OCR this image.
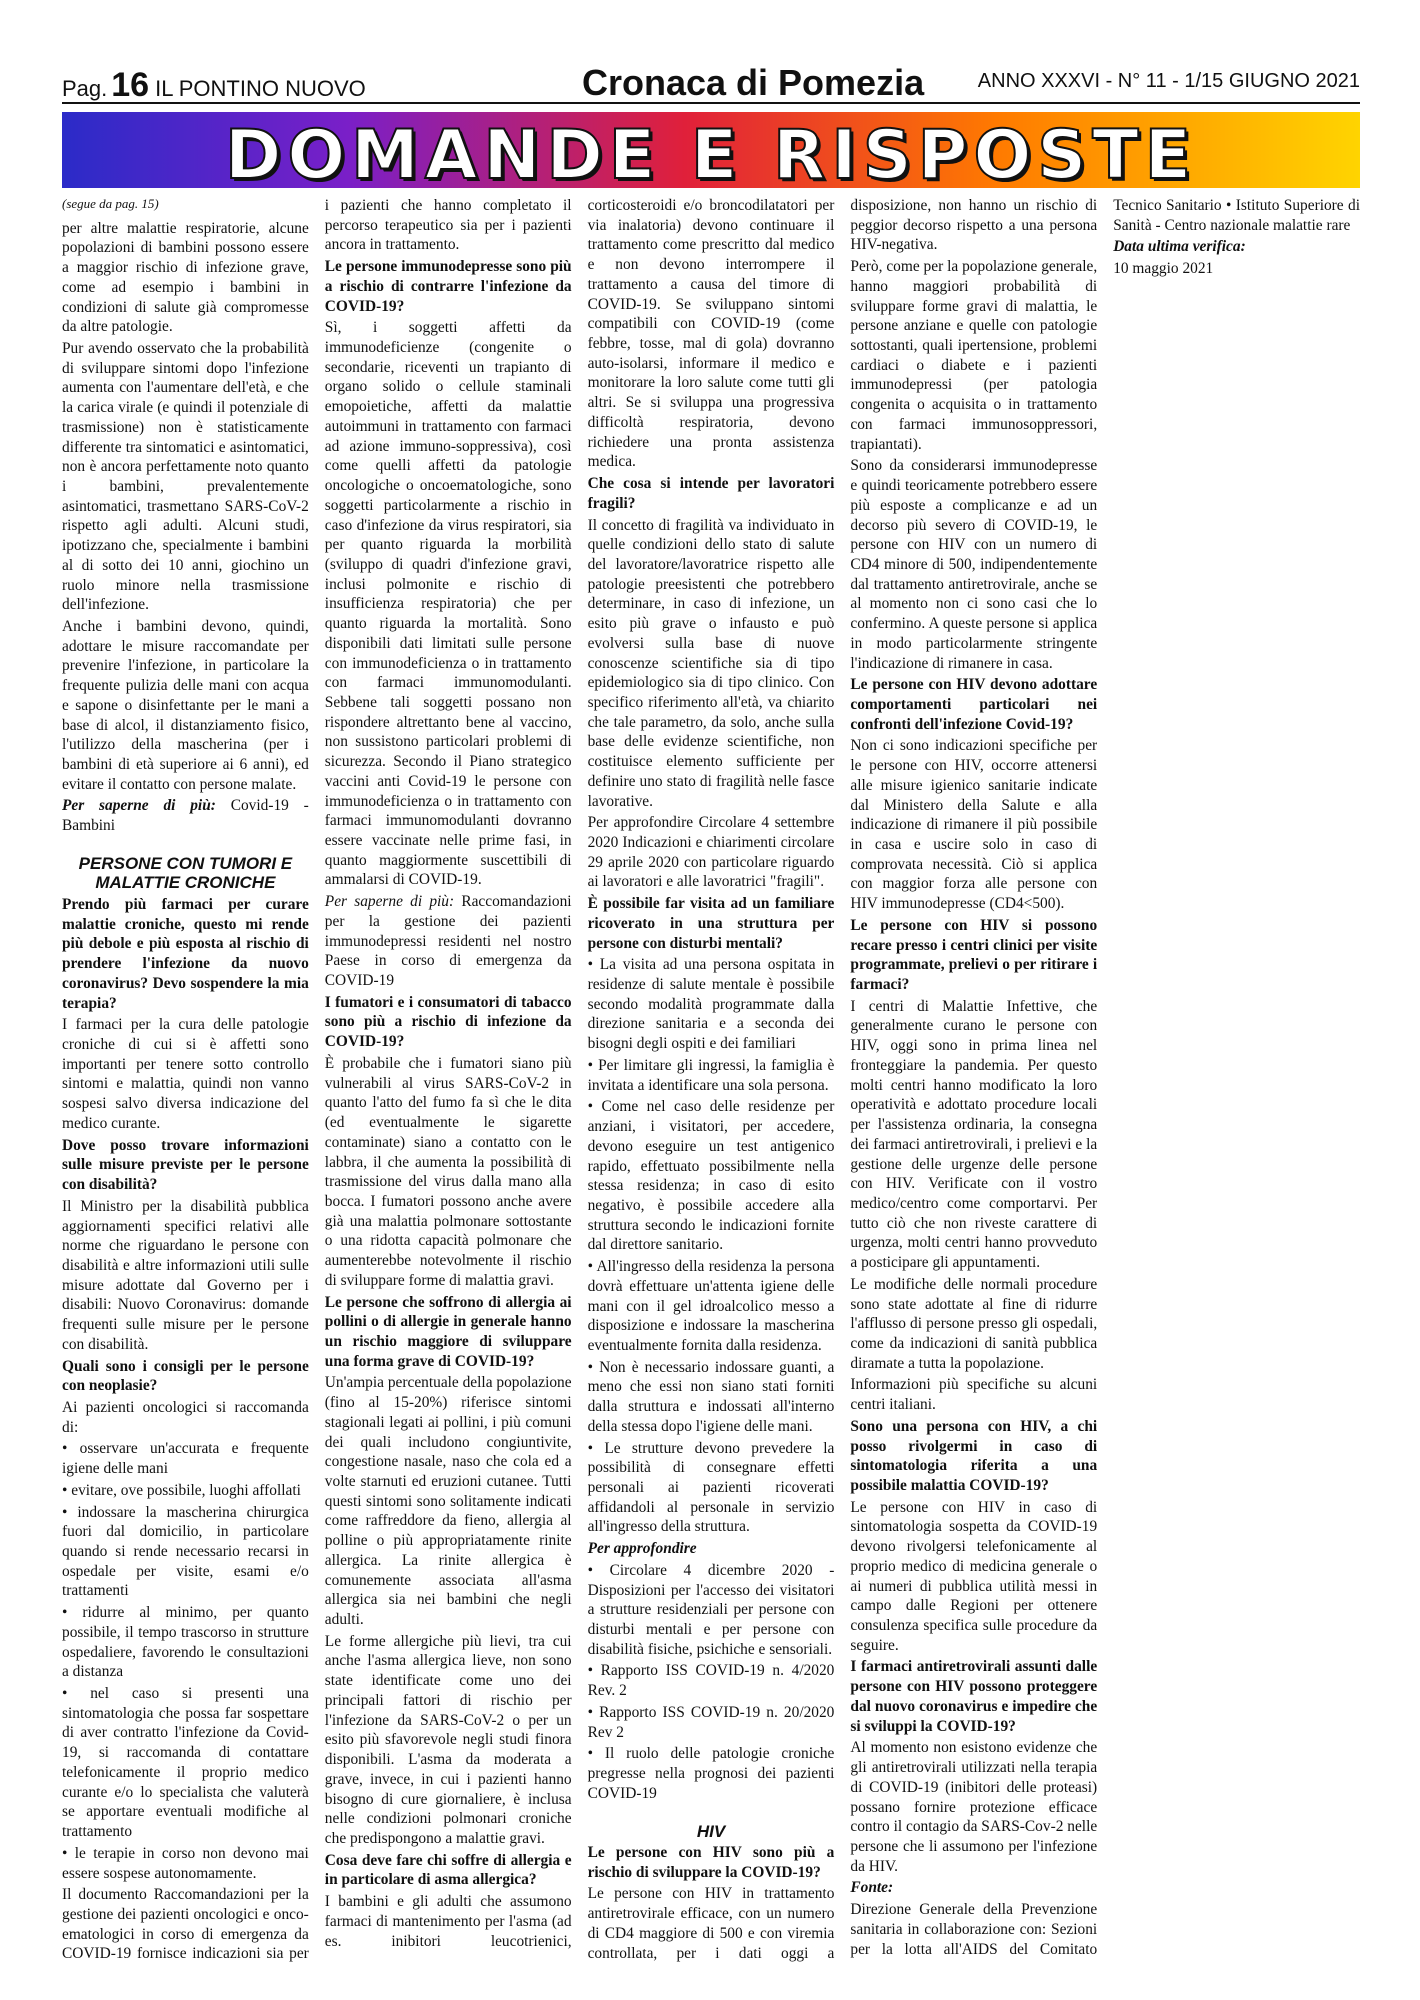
Pag. 16 IL PONTINO NUOVO	Cronaca di Pomezia	ANNO XXXVI - N° 11 - 1/15 GIUGNO 2021
DOMANDE E RISPOSTE

(segue da pag. 15)

per altre malattie respiratorie, alcune popolazioni di bambini possono essere a maggior rischio di infezione grave, come ad esempio i bambini in condizioni di salute già compromesse da altre patologie.

Pur avendo osservato che la probabilità di sviluppare sintomi dopo l'infezione aumenta con l'aumentare dell'età, e che la carica virale (e quindi il potenziale di trasmissione) non è statisticamente differente tra sintomatici e asintomatici, non è ancora perfettamente noto quanto i bambini, prevalentemente asintomatici, trasmettano SARS-CoV-2 rispetto agli adulti. Alcuni studi, ipotizzano che, specialmente i bambini al di sotto dei 10 anni, giochino un ruolo minore nella trasmissione dell'infezione.

Anche i bambini devono, quindi, adottare le misure raccomandate per prevenire l'infezione, in particolare la frequente pulizia delle mani con acqua e sapone o disinfettante per le mani a base di alcol, il distanziamento fisico, l'utilizzo della mascherina (per i bambini di età superiore ai 6 anni), ed evitare il contatto con persone malate.

Per saperne di più: Covid-19 - Bambini

PERSONE CON TUMORI E MALATTIE CRONICHE

Prendo più farmaci per curare malattie croniche, questo mi rende più debole e più esposta al rischio di prendere l'infezione da nuovo coronavirus? Devo sospendere la mia terapia?

I farmaci per la cura delle patologie croniche di cui si è affetti sono importanti per tenere sotto controllo sintomi e malattia, quindi non vanno sospesi salvo diversa indicazione del medico curante.

Dove posso trovare informazioni sulle misure previste per le persone con disabilità?

Il Ministro per la disabilità pubblica aggiornamenti specifici relativi alle norme che riguardano le persone con disabilità e altre informazioni utili sulle misure adottate dal Governo per i disabili: Nuovo Coronavirus: domande frequenti sulle misure per le persone con disabilità.

Quali sono i consigli per le persone con neoplasie?

Ai pazienti oncologici si raccomanda di:

• osservare un'accurata e frequente igiene delle mani

• evitare, ove possibile, luoghi affollati

• indossare la mascherina chirurgica fuori dal domicilio, in particolare quando si rende necessario recarsi in ospedale per visite, esami e/o trattamenti

• ridurre al minimo, per quanto possibile, il tempo trascorso in strutture ospedaliere, favorendo le consultazioni a distanza

• nel caso si presenti una sintomatologia che possa far sospettare di aver contratto l'infezione da Covid-19, si raccomanda di contattare telefonicamente il proprio medico curante e/o lo specialista che valuterà se apportare eventuali modifiche al trattamento

• le terapie in corso non devono mai essere sospese autonomamente.

Il documento Raccomandazioni per la gestione dei pazienti oncologici e onco-ematologici in corso di emergenza da COVID-19 fornisce indicazioni sia per i pazienti che hanno completato il percorso terapeutico sia per i pazienti ancora in trattamento.

Le persone immunodepresse sono più a rischio di contrarre l'infezione da COVID-19?

Sì, i soggetti affetti da immunodeficienze (congenite o secondarie, riceventi un trapianto di organo solido o cellule staminali emopoietiche, affetti da malattie autoimmuni in trattamento con farmaci ad azione immuno-soppressiva), così come quelli affetti da patologie oncologiche o oncoematologiche, sono soggetti particolarmente a rischio in caso d'infezione da virus respiratori, sia per quanto riguarda la morbilità (sviluppo di quadri d'infezione gravi, inclusi polmonite e rischio di insufficienza respiratoria) che per quanto riguarda la mortalità. Sono disponibili dati limitati sulle persone con immunodeficienza o in trattamento con farmaci immunomodulanti. Sebbene tali soggetti possano non rispondere altrettanto bene al vaccino, non sussistono particolari problemi di sicurezza. Secondo il Piano strategico vaccini anti Covid-19 le persone con immunodeficienza o in trattamento con farmaci immunomodulanti dovranno essere vaccinate nelle prime fasi, in quanto maggiormente suscettibili di ammalarsi di COVID-19.

Per saperne di più: Raccomandazioni per la gestione dei pazienti immunodepressi residenti nel nostro Paese in corso di emergenza da COVID-19

I fumatori e i consumatori di tabacco sono più a rischio di infezione da COVID-19?

È probabile che i fumatori siano più vulnerabili al virus SARS-CoV-2 in quanto l'atto del fumo fa sì che le dita (ed eventualmente le sigarette contaminate) siano a contatto con le labbra, il che aumenta la possibilità di trasmissione del virus dalla mano alla bocca. I fumatori possono anche avere già una malattia polmonare sottostante o una ridotta capacità polmonare che aumenterebbe notevolmente il rischio di sviluppare forme di malattia gravi.

Le persone che soffrono di allergia ai pollini o di allergie in generale hanno un rischio maggiore di sviluppare una forma grave di COVID-19?

Un'ampia percentuale della popolazione (fino al 15-20%) riferisce sintomi stagionali legati ai pollini, i più comuni dei quali includono congiuntivite, congestione nasale, naso che cola ed a volte starnuti ed eruzioni cutanee. Tutti questi sintomi sono solitamente indicati come raffreddore da fieno, allergia al polline o più appropriatamente rinite allergica. La rinite allergica è comunemente associata all'asma allergica sia nei bambini che negli adulti.

Le forme allergiche più lievi, tra cui anche l'asma allergica lieve, non sono state identificate come uno dei principali fattori di rischio per l'infezione da SARS-CoV-2 o per un esito più sfavorevole negli studi finora disponibili. L'asma da moderata a grave, invece, in cui i pazienti hanno bisogno di cure giornaliere, è inclusa nelle condizioni polmonari croniche che predispongono a malattie gravi.

Cosa deve fare chi soffre di allergia e in particolare di asma allergica?

I bambini e gli adulti che assumono farmaci di mantenimento per l'asma (ad es. inibitori leucotrienici, corticosteroidi e/o broncodilatatori per via inalatoria) devono continuare il trattamento come prescritto dal medico e non devono interrompere il trattamento a causa del timore di COVID-19. Se sviluppano sintomi compatibili con COVID-19 (come febbre, tosse, mal di gola) dovranno auto-isolarsi, informare il medico e monitorare la loro salute come tutti gli altri. Se si sviluppa una progressiva difficoltà respiratoria, devono richiedere una pronta assistenza medica.

Che cosa si intende per lavoratori fragili?

Il concetto di fragilità va individuato in quelle condizioni dello stato di salute del lavoratore/lavoratrice rispetto alle patologie preesistenti che potrebbero determinare, in caso di infezione, un esito più grave o infausto e può evolversi sulla base di nuove conoscenze scientifiche sia di tipo epidemiologico sia di tipo clinico. Con specifico riferimento all'età, va chiarito che tale parametro, da solo, anche sulla base delle evidenze scientifiche, non costituisce elemento sufficiente per definire uno stato di fragilità nelle fasce lavorative.

Per approfondire Circolare 4 settembre 2020 Indicazioni e chiarimenti circolare 29 aprile 2020 con particolare riguardo ai lavoratori e alle lavoratrici "fragili".

È possibile far visita ad un familiare ricoverato in una struttura per persone con disturbi mentali?

• La visita ad una persona ospitata in residenze di salute mentale è possibile secondo modalità programmate dalla direzione sanitaria e a seconda dei bisogni degli ospiti e dei familiari

• Per limitare gli ingressi, la famiglia è invitata a identificare una sola persona.

• Come nel caso delle residenze per anziani, i visitatori, per accedere, devono eseguire un test antigenico rapido, effettuato possibilmente nella stessa residenza; in caso di esito negativo, è possibile accedere alla struttura secondo le indicazioni fornite dal direttore sanitario.

• All'ingresso della residenza la persona dovrà effettuare un'attenta igiene delle mani con il gel idroalcolico messo a disposizione e indossare la mascherina eventualmente fornita dalla residenza.

• Non è necessario indossare guanti, a meno che essi non siano stati forniti dalla struttura e indossati all'interno della stessa dopo l'igiene delle mani.

• Le strutture devono prevedere la possibilità di consegnare effetti personali ai pazienti ricoverati affidandoli al personale in servizio all'ingresso della struttura.

Per approfondire

• Circolare 4 dicembre 2020 - Disposizioni per l'accesso dei visitatori a strutture residenziali per persone con disturbi mentali e per persone con disabilità fisiche, psichiche e sensoriali.

• Rapporto ISS COVID-19 n. 4/2020 Rev. 2

• Rapporto ISS COVID-19 n. 20/2020 Rev 2

• Il ruolo delle patologie croniche pregresse nella prognosi dei pazienti COVID-19

HIV

Le persone con HIV sono più a rischio di sviluppare la COVID-19?

Le persone con HIV in trattamento antiretrovirale efficace, con un numero di CD4 maggiore di 500 e con viremia controllata, per i dati oggi a disposizione, non hanno un rischio di peggior decorso rispetto a una persona HIV-negativa.

Però, come per la popolazione generale, hanno maggiori probabilità di sviluppare forme gravi di malattia, le persone anziane e quelle con patologie sottostanti, quali ipertensione, problemi cardiaci o diabete e i pazienti immunodepressi (per patologia congenita o acquisita o in trattamento con farmaci immunosoppressori, trapiantati).

Sono da considerarsi immunodepresse e quindi teoricamente potrebbero essere più esposte a complicanze e ad un decorso più severo di COVID-19, le persone con HIV con un numero di CD4 minore di 500, indipendentemente dal trattamento antiretrovirale, anche se al momento non ci sono casi che lo confermino. A queste persone si applica in modo particolarmente stringente l'indicazione di rimanere in casa.

Le persone con HIV devono adottare comportamenti particolari nei confronti dell'infezione Covid-19?

Non ci sono indicazioni specifiche per le persone con HIV, occorre attenersi alle misure igienico sanitarie indicate dal Ministero della Salute e alla indicazione di rimanere il più possibile in casa e uscire solo in caso di comprovata necessità. Ciò si applica con maggior forza alle persone con HIV immunodepresse (CD4<500).

Le persone con HIV si possono recare presso i centri clinici per visite programmate, prelievi o per ritirare i farmaci?

I centri di Malattie Infettive, che generalmente curano le persone con HIV, oggi sono in prima linea nel fronteggiare la pandemia. Per questo molti centri hanno modificato la loro operatività e adottato procedure locali per l'assistenza ordinaria, la consegna dei farmaci antiretrovirali, i prelievi e la gestione delle urgenze delle persone con HIV. Verificate con il vostro medico/centro come comportarvi. Per tutto ciò che non riveste carattere di urgenza, molti centri hanno provveduto a posticipare gli appuntamenti.

Le modifiche delle normali procedure sono state adottate al fine di ridurre l'afflusso di persone presso gli ospedali, come da indicazioni di sanità pubblica diramate a tutta la popolazione.

Informazioni più specifiche su alcuni centri italiani.

Sono una persona con HIV, a chi posso rivolgermi in caso di sintomatologia riferita a una possibile malattia COVID-19?

Le persone con HIV in caso di sintomatologia sospetta da COVID-19 devono rivolgersi telefonicamente al proprio medico di medicina generale o ai numeri di pubblica utilità messi in campo dalle Regioni per ottenere consulenza specifica sulle procedure da seguire.

I farmaci antiretrovirali assunti dalle persone con HIV possono proteggere dal nuovo coronavirus e impedire che si sviluppi la COVID-19?

Al momento non esistono evidenze che gli antiretrovirali utilizzati nella terapia di COVID-19 (inibitori delle proteasi) possano fornire protezione efficace contro il contagio da SARS-Cov-2 nelle persone che li assumono per l'infezione da HIV.

Fonte:

Direzione Generale della Prevenzione sanitaria in collaborazione con: Sezioni per la lotta all'AIDS del Comitato Tecnico Sanitario • Istituto Superiore di Sanità - Centro nazionale malattie rare

Data ultima verifica:

10 maggio 2021
